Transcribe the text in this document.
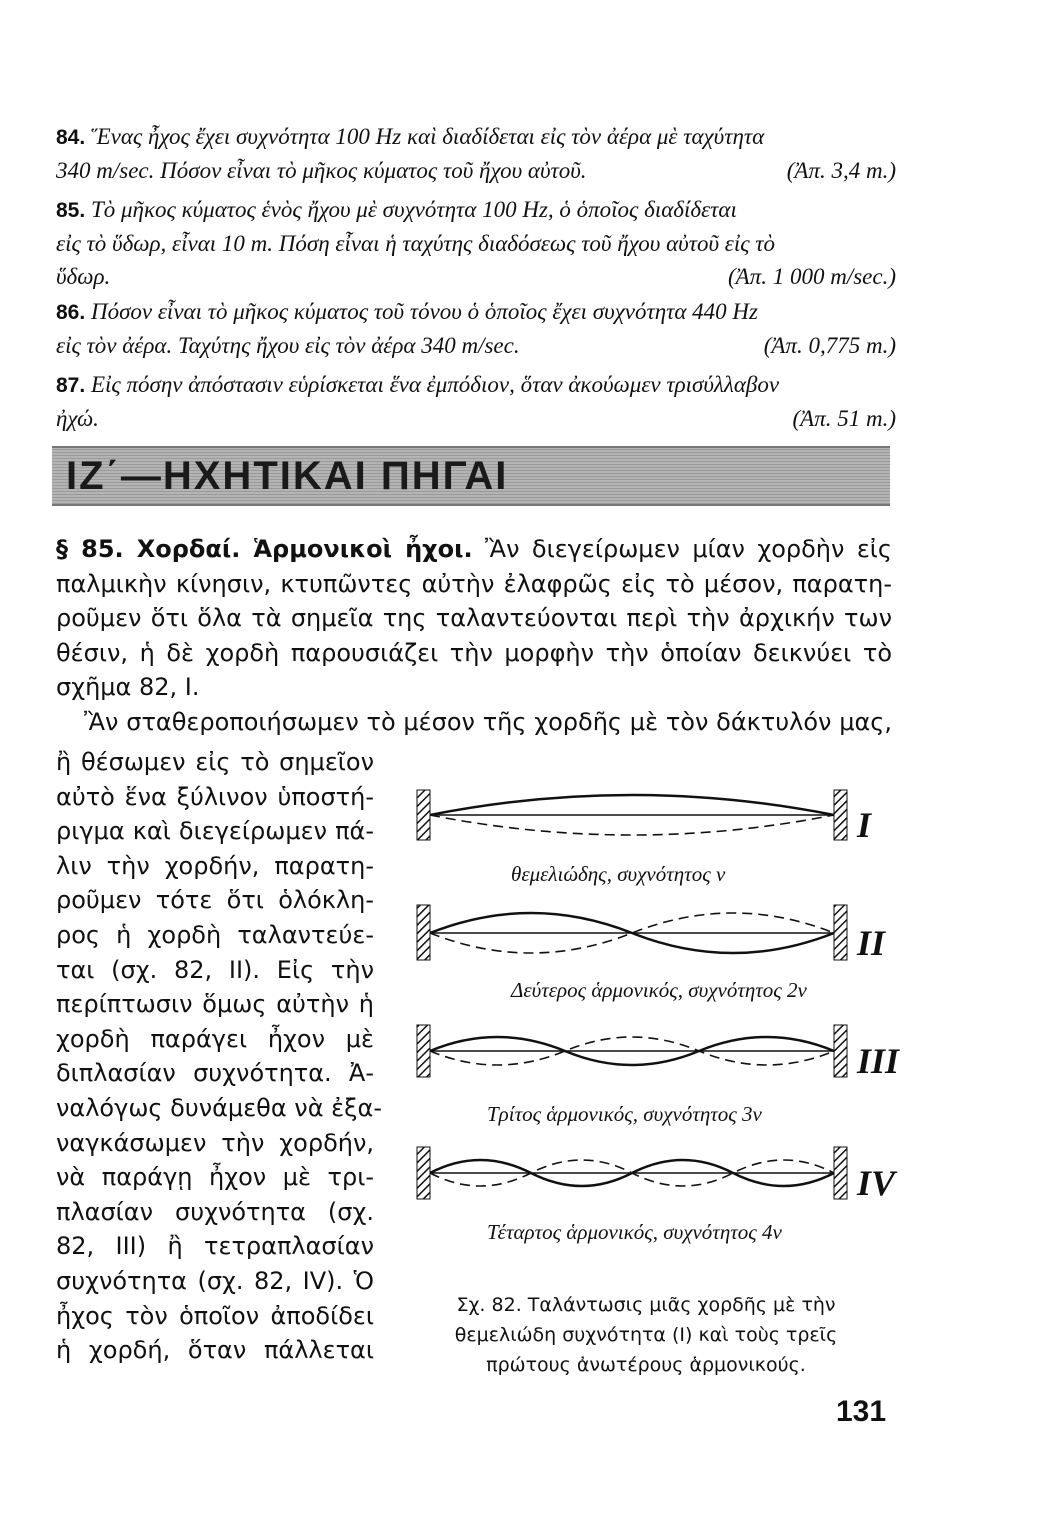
84. Ἕνας ἦχος ἔχει συχνότητα 100 Hz καὶ διαδίδεται εἰς τὸν ἀέρα μὲ ταχύτητα
340 m/sec. Πόσον εἶναι τὸ μῆκος κύματος τοῦ ἤχου αὐτοῦ.	(Ἀπ. 3,4 m.)
85. Τὸ μῆκος κύματος ἑνὸς ἤχου μὲ συχνότητα 100 Hz, ὁ ὁποῖος διαδίδεται
εἰς τὸ ὕδωρ, εἶναι 10 m. Πόση εἶναι ἡ ταχύτης διαδόσεως τοῦ ἤχου αὐτοῦ εἰς τὸ
ὕδωρ.	(Ἀπ. 1 000 m/sec.)
86. Πόσον εἶναι τὸ μῆκος κύματος τοῦ τόνου ὁ ὁποῖος ἔχει συχνότητα 440 Hz
εἰς τὸν ἀέρα. Ταχύτης ἤχου εἰς τὸν ἀέρα 340 m/sec.	(Ἀπ. 0,775 m.)
87. Εἰς πόσην ἀπόστασιν εὑρίσκεται ἕνα ἐμπόδιον, ὅταν ἀκούωμεν τρισύλλαβον
ἠχώ.	(Ἀπ. 51 m.)
ΙΖ΄—ΗΧΗΤΙΚΑΙ ΠΗΓΑΙ
§ 85. Χορδαί. Ἁρμονικοὶ ἦχοι. Ἂν διεγείρωμεν μίαν χορδὴν εἰς
παλμικὴν κίνησιν, κτυπῶντες αὐτὴν ἐλαφρῶς εἰς τὸ μέσον, παρατη-
ροῦμεν ὅτι ὅλα τὰ σημεῖα της ταλαντεύονται περὶ τὴν ἀρχικήν των
θέσιν, ἡ δὲ χορδὴ παρουσιάζει τὴν μορφὴν τὴν ὁποίαν δεικνύει τὸ
σχῆμα 82, I.
Ἂν σταθεροποιήσωμεν τὸ μέσον τῆς χορδῆς μὲ τὸν δάκτυλόν μας,
ἢ θέσωμεν εἰς τὸ σημεῖον
αὐτὸ ἕνα ξύλινον ὑποστή-
ριγμα καὶ διεγείρωμεν πά-
λιν τὴν χορδήν, παρατη-
ροῦμεν τότε ὅτι ὁλόκλη-
ρος ἡ χορδὴ ταλαντεύε-
ται (σχ. 82, II). Εἰς τὴν
περίπτωσιν ὅμως αὐτὴν ἡ
χορδὴ παράγει ἦχον μὲ
διπλασίαν συχνότητα. Ἀ-
ναλόγως δυνάμεθα νὰ ἐξα-
ναγκάσωμεν τὴν χορδήν,
νὰ παράγῃ ἦχον μὲ τρι-
πλασίαν συχνότητα (σχ.
82, III) ἢ τετραπλασίαν
συχνότητα (σχ. 82, IV). Ὁ
ἦχος τὸν ὁποῖον ἀποδίδει
ἡ χορδή, ὅταν πάλλεται
I
θεμελιώδης, συχνότητος ν
II
Δεύτερος ἁρμονικός, συχνότητος 2ν
III
Τρίτος ἁρμονικός, συχνότητος 3ν
IV
Τέταρτος ἁρμονικός, συχνότητος 4ν
Σχ. 82. Ταλάντωσις μιᾶς χορδῆς μὲ τὴν
θεμελιώδη συχνότητα (I) καὶ τοὺς τρεῖς
πρώτους ἀνωτέρους ἁρμονικούς.
131
